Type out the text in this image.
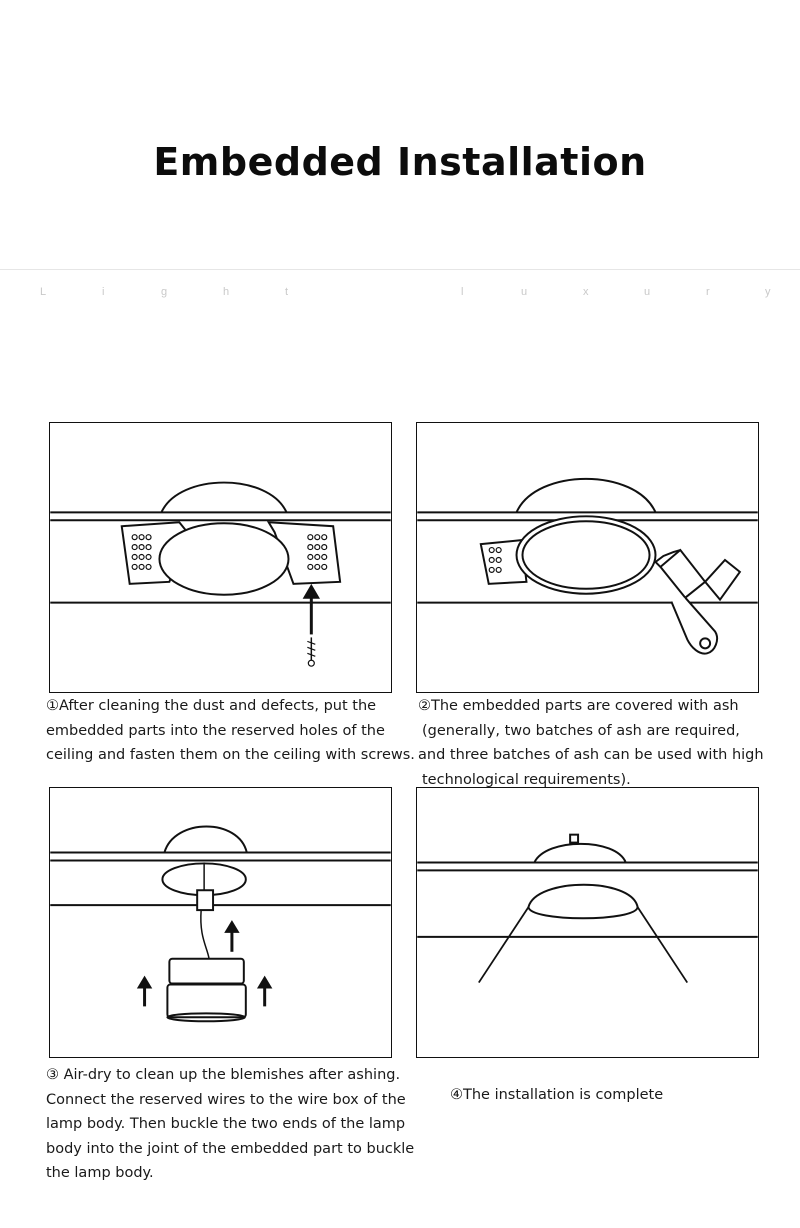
Embedded Installation
L	i	g	h	t	l	u	x	u	r	y

①After cleaning the dust and defects, put the

embedded parts into the reserved holes of the

ceiling and fasten them on the ceiling with screws.

②The embedded parts are covered with ash

(generally, two batches of ash are required,

and three batches of ash can be used with high

technological requirements).

③ Air-dry to clean up the blemishes after ashing.

Connect the reserved wires to the wire box of the

lamp body. Then buckle the two ends of the lamp

body into the joint of the embedded part to buckle

the lamp body.

④The installation is complete
